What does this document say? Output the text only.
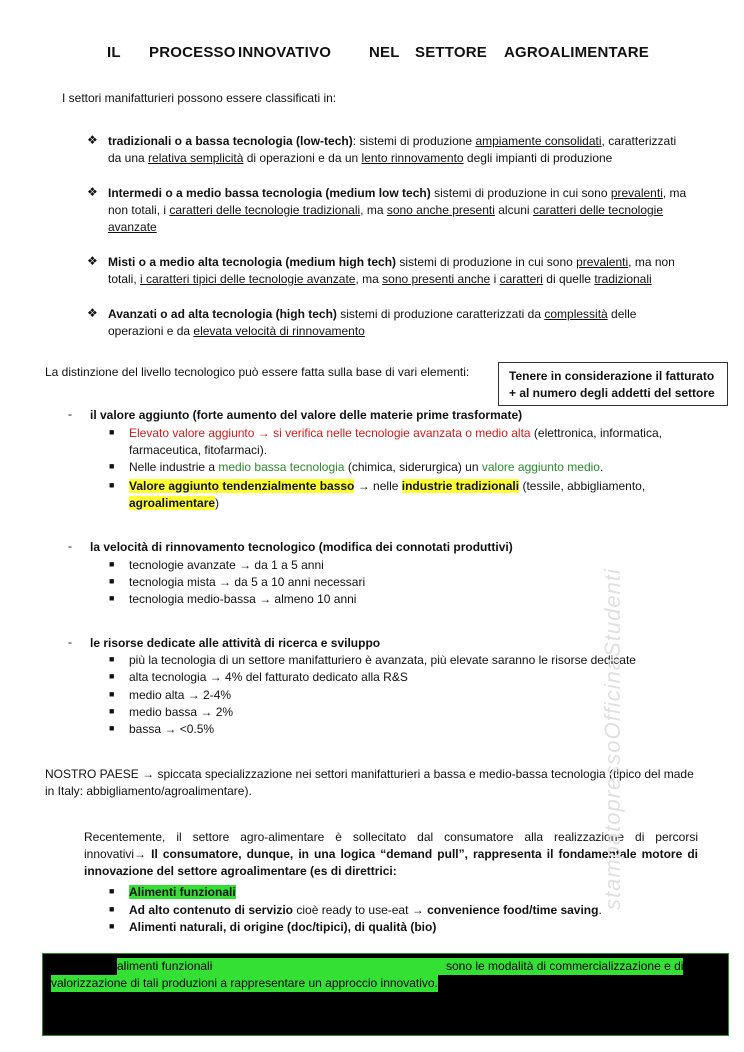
IL PROCESSO INNOVATIVO	NEL SETTORE AGROALIMENTARE
I settori manifatturieri possono essere classificati in:
❖ tradizionali o a bassa tecnologia (low-tech): sistemi di produzione ampiamente consolidati, caratterizzati
da una relativa semplicità di operazioni e da un lento rinnovamento degli impianti di produzione
❖ Intermedi o a medio bassa tecnologia (medium low tech) sistemi di produzione in cui sono prevalenti, ma
non totali, i caratteri delle tecnologie tradizionali, ma sono anche presenti alcuni caratteri delle tecnologie
avanzate
❖ Misti o a medio alta tecnologia (medium high tech) sistemi di produzione in cui sono prevalenti, ma non
totali, i caratteri tipici delle tecnologie avanzate, ma sono presenti anche i caratteri di quelle tradizionali
❖ Avanzati o ad alta tecnologia (high tech) sistemi di produzione caratterizzati da complessità delle
operazioni e da elevata velocità di rinnovamento
La distinzione del livello tecnologico può essere fatta sulla base di vari elementi:	Tenere in considerazione il fatturato
+ al numero degli addetti del settore
- il valore aggiunto (forte aumento del valore delle materie prime trasformate)
■ Elevato valore aggiunto → si verifica nelle tecnologie avanzata o medio alta (elettronica, informatica,
farmaceutica, fitofarmaci).
■ Nelle industrie a medio bassa tecnologia (chimica, siderurgica) un valore aggiunto medio.
■ Valore aggiunto tendenzialmente basso → nelle industrie tradizionali (tessile, abbigliamento,
agroalimentare)
- la velocità di rinnovamento tecnologico (modifica dei connotati produttivi)
■ tecnologie avanzate → da 1 a 5 anni
■ tecnologia mista → da 5 a 10 anni necessari
■ tecnologia medio-bassa → almeno 10 anni
- le risorse dedicate alle attività di ricerca e sviluppo
■ più la tecnologia di un settore manifatturiero è avanzata, più elevate saranno le risorse dedicate
■ alta tecnologia → 4% del fatturato dedicato alla R&S
■ medio alta → 2-4%
■ medio bassa → 2%
■ bassa → <0.5%
NOSTRO PAESE → spiccata specializzazione nei settori manifatturieri a bassa e medio-bassa tecnologia (tipico del made
in Italy: abbigliamento/agroalimentare).
Recentemente, il settore agro-alimentare è sollecitato dal consumatore alla realizzazione di percorsi
innovativi→ Il consumatore, dunque, in una logica “demand pull”, rappresenta il fondamentale motore di
innovazione del settore agroalimentare (es di direttrici:
■ Alimenti funzionali
■ Ad alto contenuto di servizio cioè ready to use-eat → convenience food/time saving.
■ Alimenti naturali, di origine (doc/tipici), di qualità (bio)
alimenti funzionali	sono le modalità di commercializzazione e di
valorizzazione di tali produzioni a rappresentare un approccio innovativo.
stampatopressoOfficinaStudenti
